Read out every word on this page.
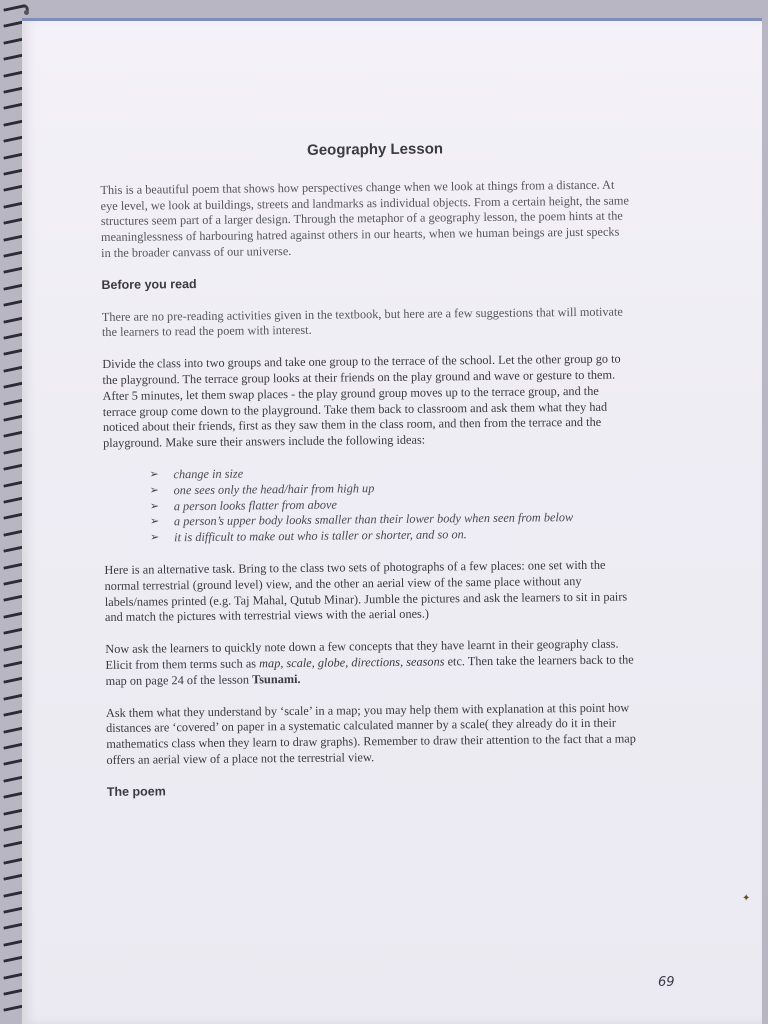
Geography Lesson

This is a beautiful poem that shows how perspectives change when we look at things from a distance. At eye level, we look at buildings, streets and landmarks as individual objects. From a certain height, the same structures seem part of a larger design. Through the metaphor of a geography lesson, the poem hints at the meaninglessness of harbouring hatred against others in our hearts, when we human beings are just specks in the broader canvass of our universe.

Before you read

There are no pre-reading activities given in the textbook, but here are a few suggestions that will motivate the learners to read the poem with interest.

Divide the class into two groups and take one group to the terrace of the school. Let the other group go to the playground. The terrace group looks at their friends on the play ground and wave or gesture to them. After 5 minutes, let them swap places - the play ground group moves up to the terrace group, and the terrace group come down to the playground. Take them back to classroom and ask them what they had noticed about their friends, first as they saw them in the class room, and then from the terrace and the playground. Make sure their answers include the following ideas:

➢ change in size
➢ one sees only the head/hair from high up
➢ a person looks flatter from above
➢ a person’s upper body looks smaller than their lower body when seen from below
➢ it is difficult to make out who is taller or shorter, and so on.

Here is an alternative task. Bring to the class two sets of photographs of a few places: one set with the normal terrestrial (ground level) view, and the other an aerial view of the same place without any labels/names printed (e.g. Taj Mahal, Qutub Minar). Jumble the pictures and ask the learners to sit in pairs and match the pictures with terrestrial views with the aerial ones.)

Now ask the learners to quickly note down a few concepts that they have learnt in their geography class. Elicit from them terms such as map, scale, globe, directions, seasons etc. Then take the learners back to the map on page 24 of the lesson Tsunami.

Ask them what they understand by ‘scale’ in a map; you may help them with explanation at this point how distances are ‘covered’ on paper in a systematic calculated manner by a scale( they already do it in their mathematics class when they learn to draw graphs). Remember to draw their attention to the fact that a map offers an aerial view of a place not the terrestrial view.

The poem
✦
69
